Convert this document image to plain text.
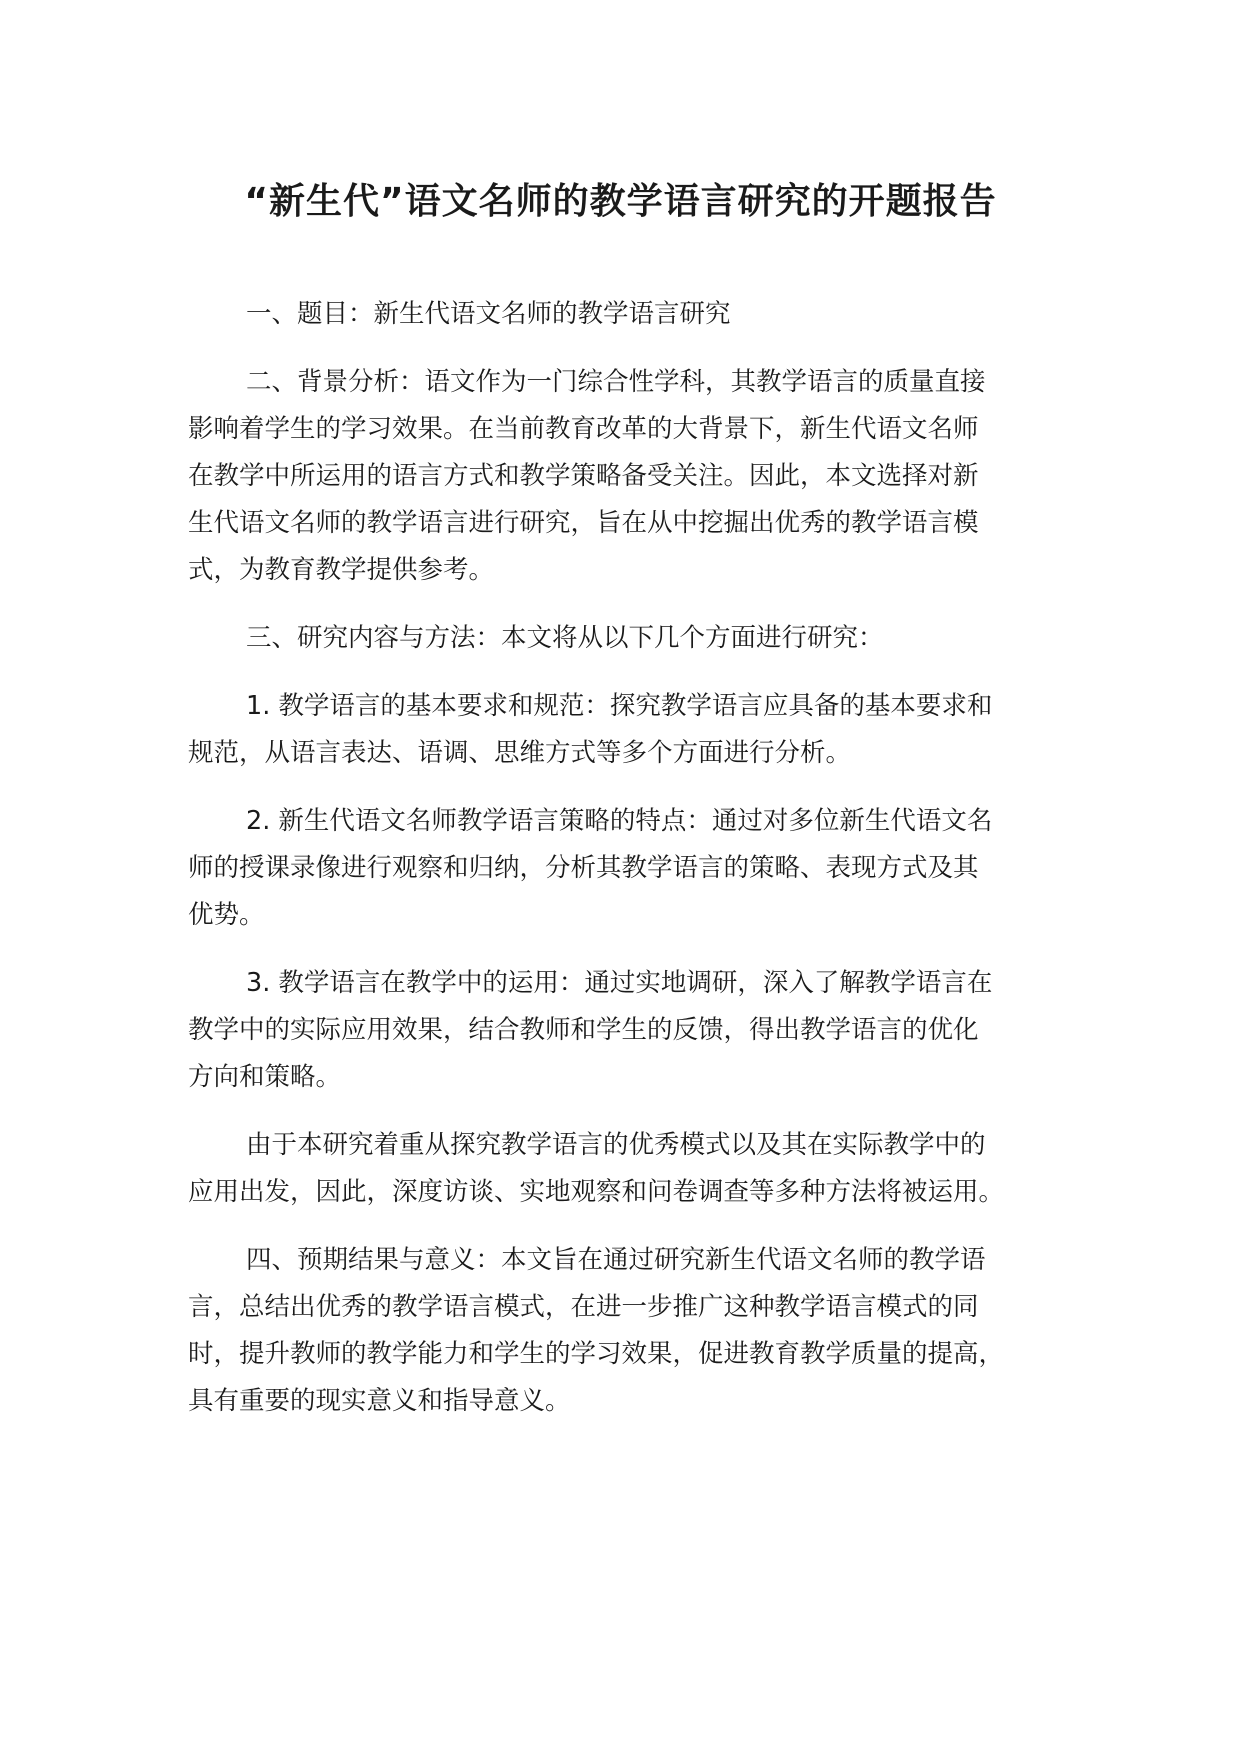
“新生代”语文名师的教学语言研究的开题报告

一、题目：新生代语文名师的教学语言研究

二、背景分析：语文作为一门综合性学科，其教学语言的质量直接
影响着学生的学习效果。在当前教育改革的大背景下，新生代语文名师
在教学中所运用的语言方式和教学策略备受关注。因此，本文选择对新
生代语文名师的教学语言进行研究，旨在从中挖掘出优秀的教学语言模
式，为教育教学提供参考。

三、研究内容与方法：本文将从以下几个方面进行研究：

1. 教学语言的基本要求和规范：探究教学语言应具备的基本要求和
规范，从语言表达、语调、思维方式等多个方面进行分析。

2. 新生代语文名师教学语言策略的特点：通过对多位新生代语文名
师的授课录像进行观察和归纳，分析其教学语言的策略、表现方式及其
优势。

3. 教学语言在教学中的运用：通过实地调研，深入了解教学语言在
教学中的实际应用效果，结合教师和学生的反馈，得出教学语言的优化
方向和策略。

由于本研究着重从探究教学语言的优秀模式以及其在实际教学中的
应用出发，因此，深度访谈、实地观察和问卷调查等多种方法将被运用。

四、预期结果与意义：本文旨在通过研究新生代语文名师的教学语
言，总结出优秀的教学语言模式，在进一步推广这种教学语言模式的同
时，提升教师的教学能力和学生的学习效果，促进教育教学质量的提高，
具有重要的现实意义和指导意义。
